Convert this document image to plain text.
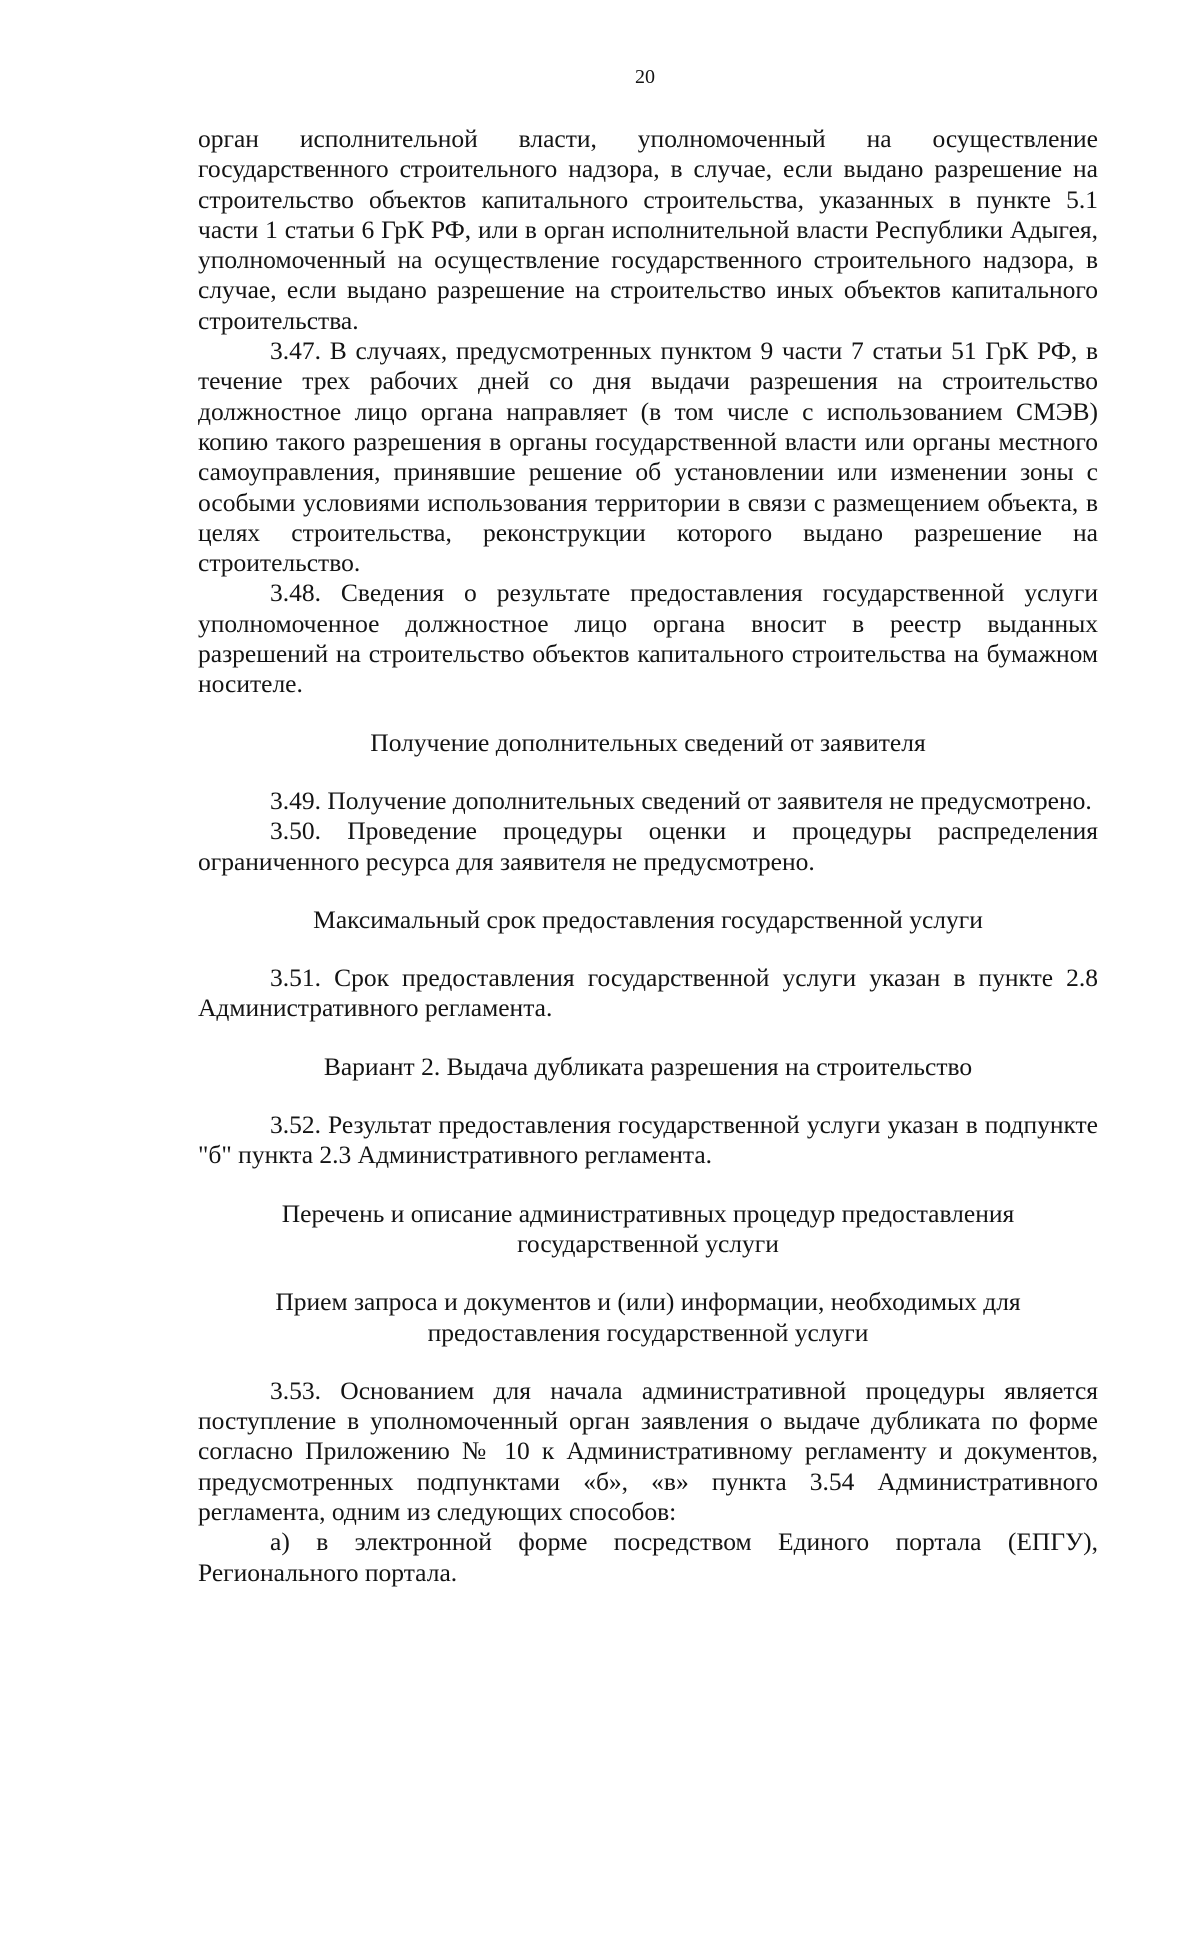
20

орган исполнительной власти, уполномоченный на осуществление государственного строительного надзора, в случае, если выдано разрешение на строительство объектов капитального строительства, указанных в пункте 5.1 части 1 статьи 6 ГрК РФ, или в орган исполнительной власти Республики Адыгея, уполномоченный на осуществление государственного строительного надзора, в случае, если выдано разрешение на строительство иных объектов капитального строительства.

3.47. В случаях, предусмотренных пунктом 9 части 7 статьи 51 ГрК РФ, в течение трех рабочих дней со дня выдачи разрешения на строительство должностное лицо органа направляет (в том числе с использованием СМЭВ) копию такого разрешения в органы государственной власти или органы местного самоуправления, принявшие решение об установлении или изменении зоны с особыми условиями использования территории в связи с размещением объекта, в целях строительства, реконструкции которого выдано разрешение на строительство.

3.48. Сведения о результате предоставления государственной услуги уполномоченное должностное лицо органа вносит в реестр выданных разрешений на строительство объектов капитального строительства на бумажном носителе.

Получение дополнительных сведений от заявителя

3.49. Получение дополнительных сведений от заявителя не предусмотрено.

3.50. Проведение процедуры оценки и процедуры распределения ограниченного ресурса для заявителя не предусмотрено.

Максимальный срок предоставления государственной услуги

3.51. Срок предоставления государственной услуги указан в пункте 2.8 Административного регламента.

Вариант 2. Выдача дубликата разрешения на строительство

3.52. Результат предоставления государственной услуги указан в подпункте "б" пункта 2.3 Административного регламента.

Перечень и описание административных процедур предоставления

государственной услуги

Прием запроса и документов и (или) информации, необходимых для

предоставления государственной услуги

3.53. Основанием для начала административной процедуры является поступление в уполномоченный орган заявления о выдаче дубликата по форме согласно Приложению № 10 к Административному регламенту и документов, предусмотренных подпунктами «б», «в» пункта 3.54 Административного регламента, одним из следующих способов:

а) в электронной форме посредством Единого портала (ЕПГУ), Регионального портала.
